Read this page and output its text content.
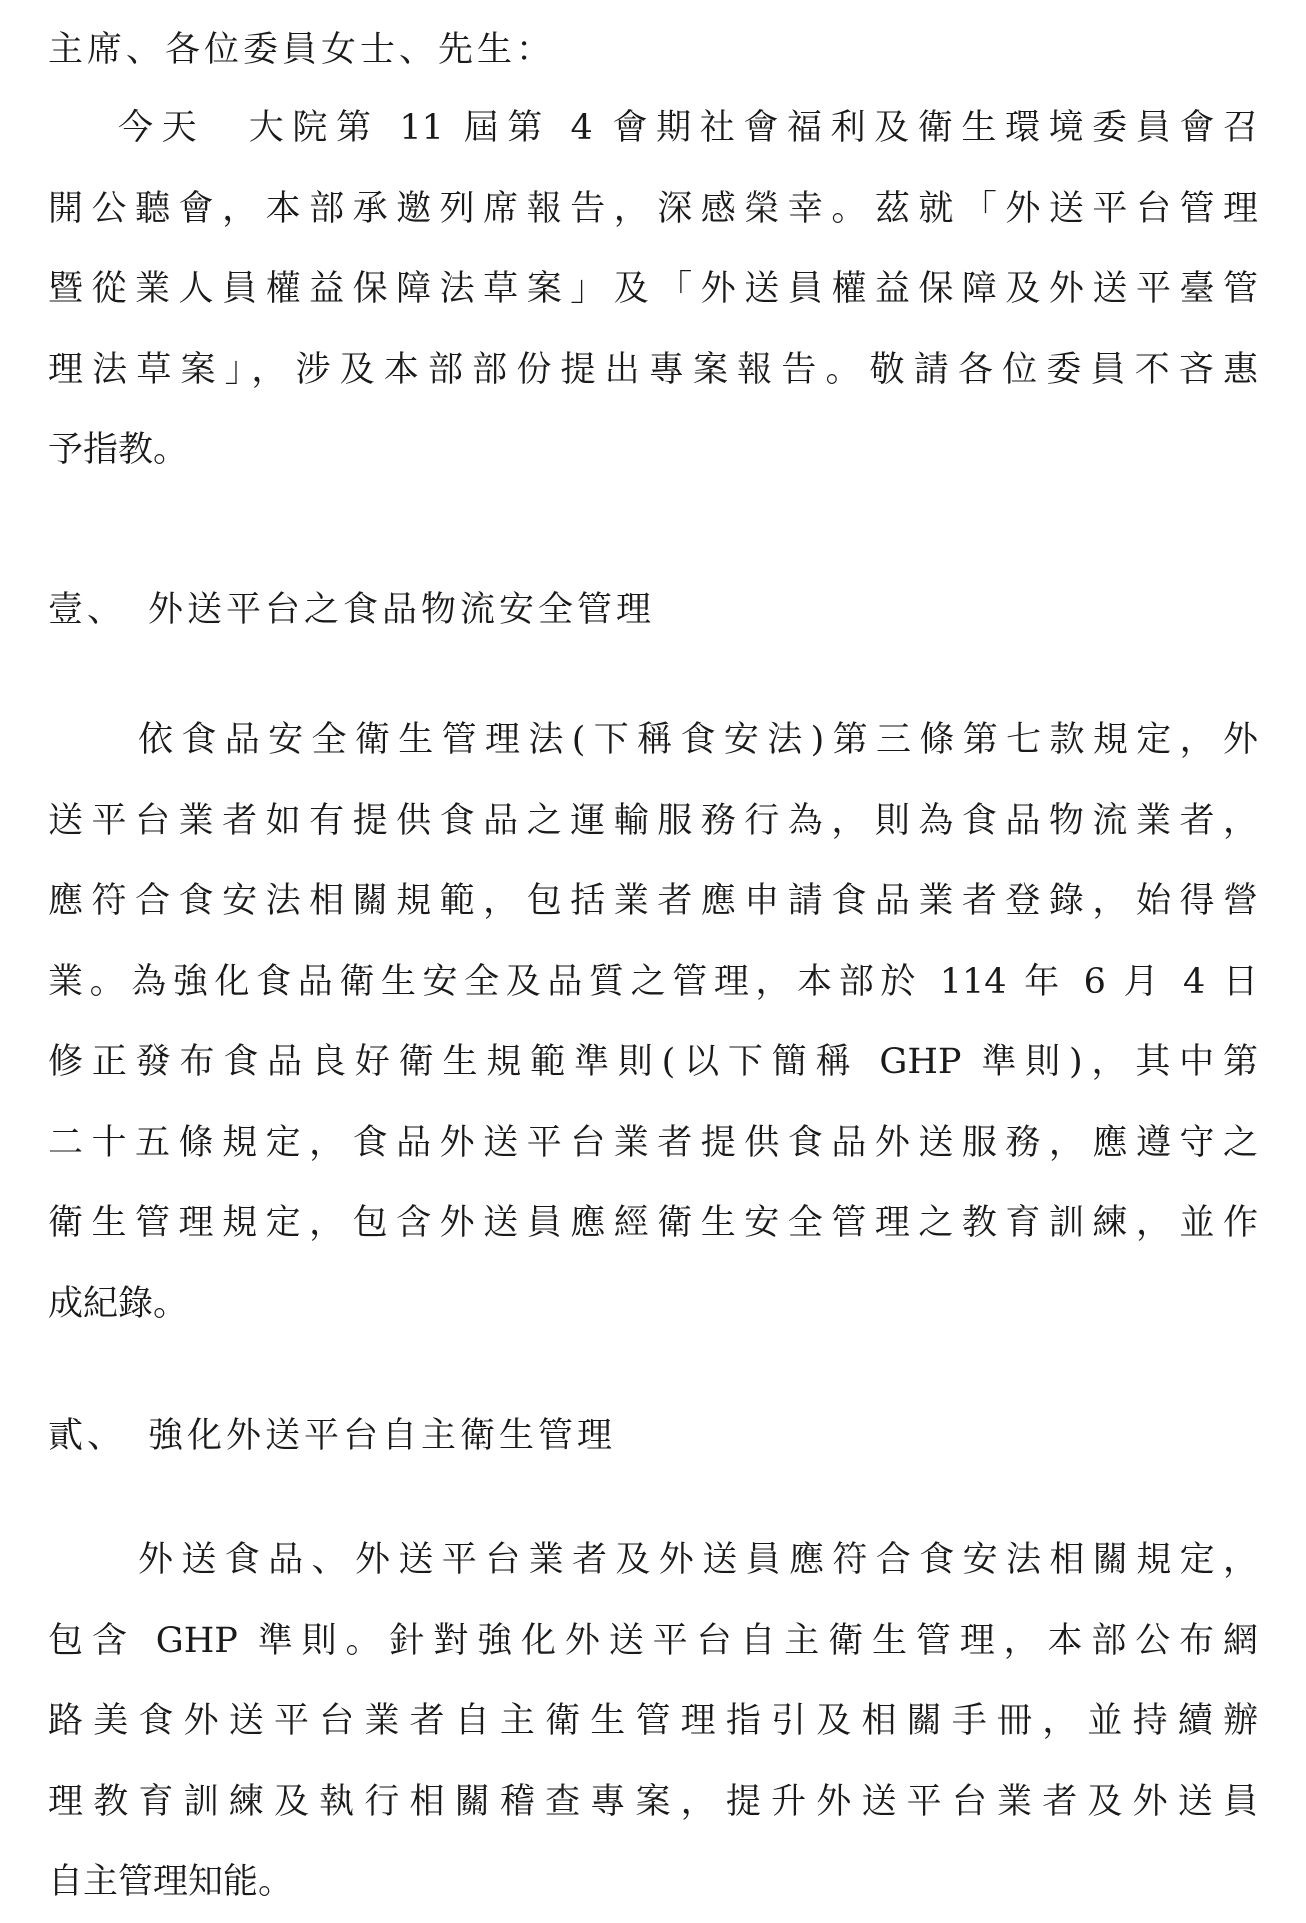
主席、各位委員女士、先生：

今天　大院第 11 屆第 4 會期社會福利及衛生環境委員會召
開公聽會，本部承邀列席報告，深感榮幸。茲就「外送平台管理
暨從業人員權益保障法草案」及「外送員權益保障及外送平臺管
理法草案」，涉及本部部份提出專案報告。敬請各位委員不吝惠
予指教。
壹、 外送平台之食品物流安全管理
依食品安全衛生管理法(下稱食安法)第三條第七款規定，外
送平台業者如有提供食品之運輸服務行為，則為食品物流業者，
應符合食安法相關規範，包括業者應申請食品業者登錄，始得營
業。為強化食品衛生安全及品質之管理，本部於 114 年 6 月 4 日
修正發布食品良好衛生規範準則(以下簡稱 GHP 準則)，其中第
二十五條規定，食品外送平台業者提供食品外送服務，應遵守之
衛生管理規定，包含外送員應經衛生安全管理之教育訓練，並作
成紀錄。
貳、 強化外送平台自主衛生管理
外送食品、外送平台業者及外送員應符合食安法相關規定，
包含 GHP 準則。針對強化外送平台自主衛生管理，本部公布網
路美食外送平台業者自主衛生管理指引及相關手冊，並持續辦
理教育訓練及執行相關稽查專案，提升外送平台業者及外送員
自主管理知能。
